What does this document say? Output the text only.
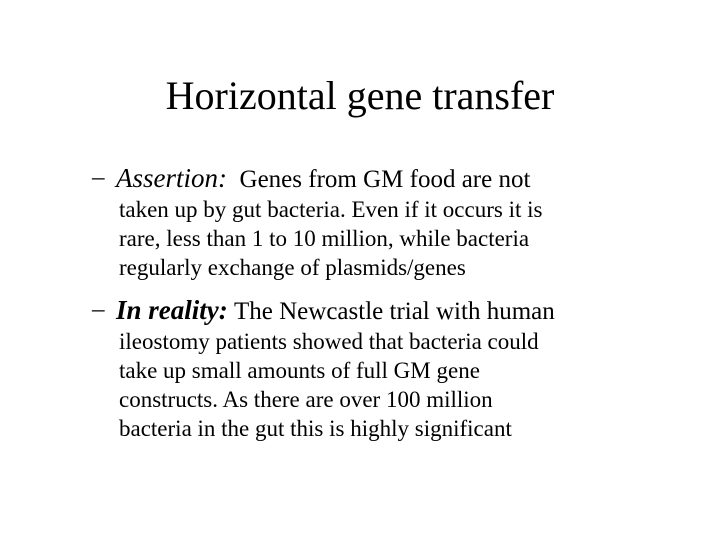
Horizontal gene transfer
– Assertion: Genes from GM food are not
taken up by gut bacteria. Even if it occurs it is
rare, less than 1 to 10 million, while bacteria
regularly exchange of plasmids/genes
– In reality: The Newcastle trial with human
ileostomy patients showed that bacteria could
take up small amounts of full GM gene
constructs. As there are over 100 million
bacteria in the gut this is highly significant
